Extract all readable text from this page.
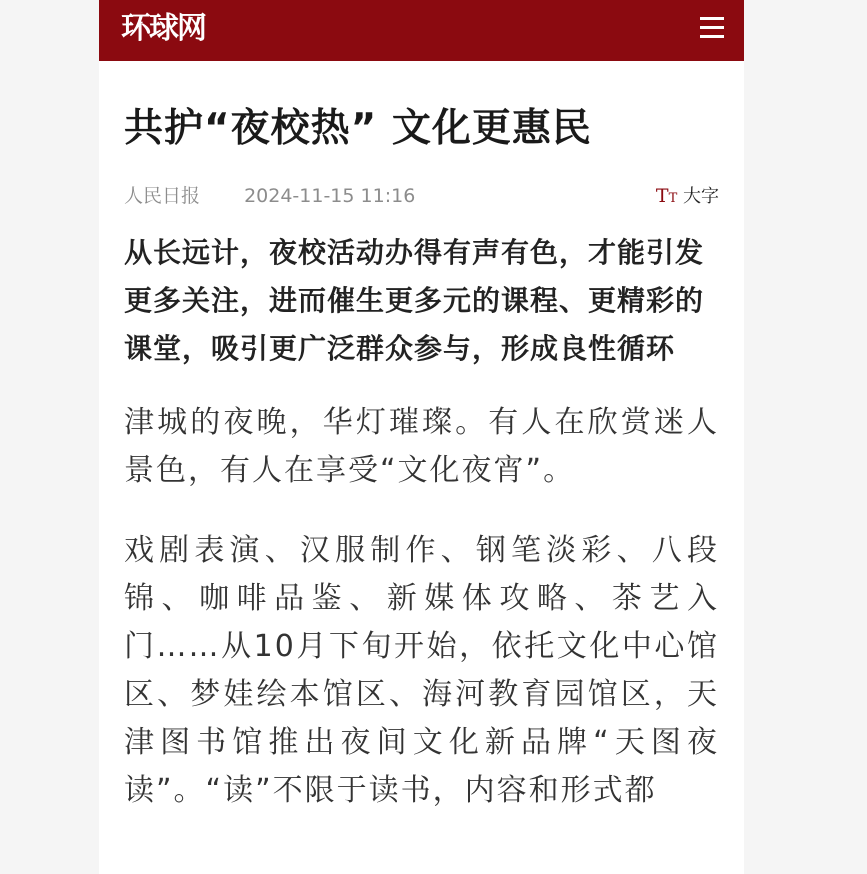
环球网
共护“夜校热” 文化更惠民
人民日报 2024-11-15 11:16	TT 大字
从长远计，夜校活动办得有声有色，才能引发更多关注，进而催生更多元的课程、更精彩的课堂，吸引更广泛群众参与，形成良性循环

津城的夜晚，华灯璀璨。有人在欣赏迷人景色，有人在享受“文化夜宵”。

戏剧表演、汉服制作、钢笔淡彩、八段锦、咖啡品鉴、新媒体攻略、茶艺入门……从10月下旬开始，依托文化中心馆区、梦娃绘本馆区、海河教育园馆区，天津图书馆推出夜间文化新品牌“天图夜读”。“读”不限于读书，内容和形式都
